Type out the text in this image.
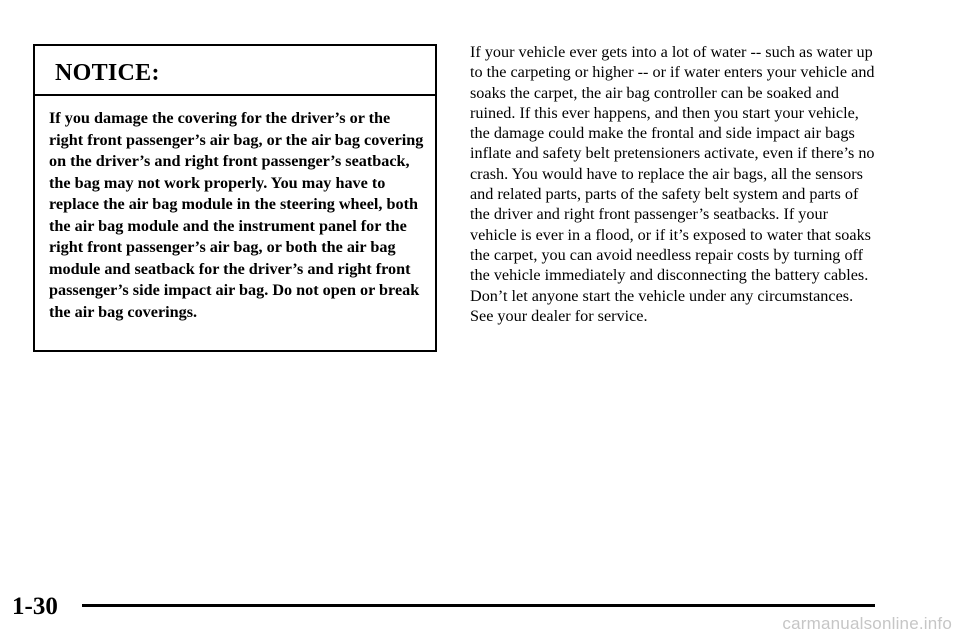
NOTICE:
If you damage the covering for the driver’s or the right front passenger’s air bag, or the air bag covering on the driver’s and right front passenger’s seatback, the bag may not work properly. You may have to replace the air bag module in the steering wheel, both the air bag module and the instrument panel for the right front passenger’s air bag, or both the air bag module and seatback for the driver’s and right front passenger’s side impact air bag. Do not open or break the air bag coverings.
If your vehicle ever gets into a lot of water -- such as water up to the carpeting or higher -- or if water enters your vehicle and soaks the carpet, the air bag controller can be soaked and ruined. If this ever happens, and then you start your vehicle, the damage could make the frontal and side impact air bags inflate and safety belt pretensioners activate, even if there’s no crash. You would have to replace the air bags, all the sensors and related parts, parts of the safety belt system and parts of the driver and right front passenger’s seatbacks. If your vehicle is ever in a flood, or if it’s exposed to water that soaks the carpet, you can avoid needless repair costs by turning off the vehicle immediately and disconnecting the battery cables. Don’t let anyone start the vehicle under any circumstances. See your dealer for service.
1-30
carmanualsonline.info
